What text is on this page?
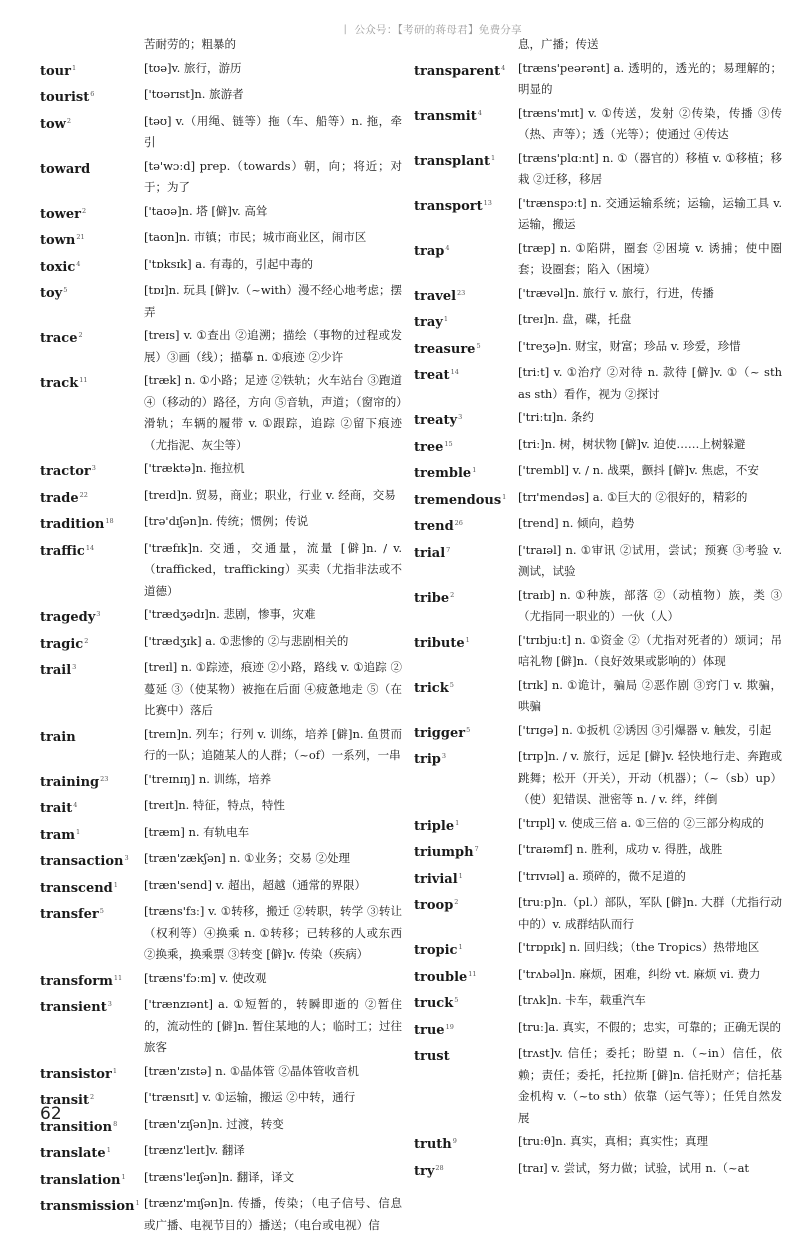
丨 公众号：【考研的蒋母君】免费分享
苦耐劳的；粗暴的
tour$^1$	[tʊə]v. 旅行，游历
tourist$^6$	['tʊərɪst]n. 旅游者
tow$^2$	[təʊ] v.（用绳、链等）拖（车、船等）n. 拖，牵引
toward	[tə'wɔːd] prep.（towards）朝，向；将近；对于；为了
tower$^2$	['taʊə]n. 塔 [僻]v. 高耸
town$^{21}$	[taʊn]n. 市镇；市民；城市商业区，闹市区
toxic$^4$	['tɒksɪk] a. 有毒的，引起中毒的
toy$^5$	[tɒɪ]n. 玩具 [僻]v.（~with）漫不经心地考虑；摆弄
trace$^2$	[treɪs] v. ①查出 ②追溯；描绘（事物的过程或发展）③画（线）；描摹 n. ①痕迹 ②少许
track$^{11}$	[træk] n. ①小路；足迹 ②铁轨；火车站台 ③跑道 ④（移动的）路径，方向 ⑤音轨，声道；（窗帘的）滑轨；车辆的履带 v. ①跟踪，追踪 ②留下痕迹（尤指泥、灰尘等）
tractor$^3$	['træktə]n. 拖拉机
trade$^{22}$	[treɪd]n. 贸易，商业；职业，行业 v. 经商，交易
tradition$^{18}$	[trə'dɪʃən]n. 传统；惯例；传说
traffic$^{14}$	['træfɪk]n. 交通，交通量，流量 [僻]n. / v.（trafficked，trafficking）买卖（尤指非法或不道德）
tragedy$^3$	['trædʒədɪ]n. 悲剧，惨事，灾难
tragic$^2$	['trædʒɪk] a. ①悲惨的 ②与悲剧相关的
trail$^3$	[treɪl] n. ①踪迹，痕迹 ②小路，路线 v. ①追踪 ②蔓延 ③（使某物）被拖在后面 ④疲惫地走 ⑤（在比赛中）落后
train	[treɪn]n. 列车；行列 v. 训练，培养 [僻]n. 鱼贯而行的一队；追随某人的人群；（~of）一系列，一串
training$^{23}$	['treɪnɪŋ] n. 训练，培养
trait$^4$	[treɪt]n. 特征，特点，特性
tram$^1$	[træm] n. 有轨电车
transaction$^3$	[træn'zækʃən] n. ①业务；交易 ②处理
transcend$^1$	[træn'send] v. 超出，超越（通常的界限）
transfer$^5$	[træns'fɜː] v. ①转移，搬迁 ②转职，转学 ③转让（权利等）④换乘 n. ①转移；已转移的人或东西 ②换乘，换乘票 ③转变 [僻]v. 传染（疾病）
transform$^{11}$	[træns'fɔːm] v. 使改观
transient$^3$	['trænzɪənt] a. ①短暂的，转瞬即逝的 ②暂住的，流动性的 [僻]n. 暂住某地的人；临时工；过往旅客
transistor$^1$	[træn'zɪstə] n. ①晶体管 ②晶体管收音机
transit$^2$	['trænsɪt] v. ①运输，搬运 ②中转，通行
transition$^8$	[træn'zɪʃən]n. 过渡，转变
translate$^1$	[trænz'leɪt]v. 翻译
translation$^1$	[træns'leɪʃən]n. 翻译，译文
transmission$^1$ [trænz'mɪʃən]n. 传播，传染；（电子信号、信息或广播、电视节目的）播送；（电台或电视）信
息，广播；传送
transparent$^4$	[træns'peərənt] a. 透明的，透光的；易理解的；明显的
transmit$^4$	[træns'mɪt] v. ①传送，发射 ②传染，传播 ③传（热、声等）；透（光等）；使通过 ④传达
transplant$^1$	[træns'plɑːnt] n. ①（器官的）移植 v. ①移植；移栽 ②迁移，移居
transport$^{13}$	['trænspɔːt] n. 交通运输系统；运输，运输工具 v. 运输，搬运
trap$^4$	[træp] n. ①陷阱，圈套 ②困境 v. 诱捕；使中圈套；设圈套；陷入（困境）
travel$^{23}$	['trævəl]n. 旅行 v. 旅行，行进，传播
tray$^1$	[treɪ]n. 盘，碟，托盘
treasure$^5$	['treʒə]n. 财宝，财富；珍品 v. 珍爱，珍惜
treat$^{14}$	[triːt] v. ①治疗 ②对待 n. 款待 [僻]v. ①（~ sth as sth）看作，视为 ②探讨
treaty$^3$	['triːtɪ]n. 条约
tree$^{15}$	[triː]n. 树，树状物 [僻]v. 迫使……上树躲避
tremble$^1$	['trembl] v. / n. 战栗，颤抖 [僻]v. 焦虑，不安
tremendous$^1$	[trɪ'mendəs] a. ①巨大的 ②很好的，精彩的
trend$^{26}$	[trend] n. 倾向，趋势
trial$^7$	['traɪəl] n. ①审讯 ②试用，尝试；预赛 ③考验 v. 测试，试验
tribe$^2$	[traɪb] n. ①种族，部落 ②（动植物）族，类 ③（尤指同一职业的）一伙（人）
tribute$^1$	['trɪbjuːt] n. ①资金 ②（尤指对死者的）颂词；吊唁礼物 [僻]n.（良好效果或影响的）体现
trick$^5$	[trɪk] n. ①诡计，骗局 ②恶作剧 ③窍门 v. 欺骗，哄骗
trigger$^5$	['trɪgə] n. ①扳机 ②诱因 ③引爆器 v. 触发，引起
trip$^3$	[trɪp]n. / v. 旅行，远足 [僻]v. 轻快地行走、奔跑或跳舞；松开（开关），开动（机器）；（~（sb）up）（使）犯错误、泄密等 n. / v. 绊，绊倒
triple$^1$	['trɪpl] v. 使成三倍 a. ①三倍的 ②三部分构成的
triumph$^7$	['traɪəmf] n. 胜利，成功 v. 得胜，战胜
trivial$^1$	['trɪvɪəl] a. 琐碎的，微不足道的
troop$^2$	[truːp]n.（pl.）部队，军队 [僻]n. 大群（尤指行动中的）v. 成群结队而行
tropic$^1$	['trɒpɪk] n. 回归线；（the Tropics）热带地区
trouble$^{11}$	['trʌbəl]n. 麻烦，困难，纠纷 vt. 麻烦 vi. 费力
truck$^5$	[trʌk]n. 卡车，载重汽车
true$^{19}$	[truː]a. 真实，不假的；忠实，可靠的；正确无误的
trust	[trʌst]v. 信任；委托；盼望 n.（~in）信任，依赖；责任；委托，托拉斯 [僻]n. 信托财产；信托基金机构 v.（~to sth）依靠（运气等）；任凭自然发展
truth$^9$	[truːθ]n. 真实，真相；真实性；真理
try$^{28}$	[traɪ] v. 尝试，努力做；试验，试用 n.（~at
62
